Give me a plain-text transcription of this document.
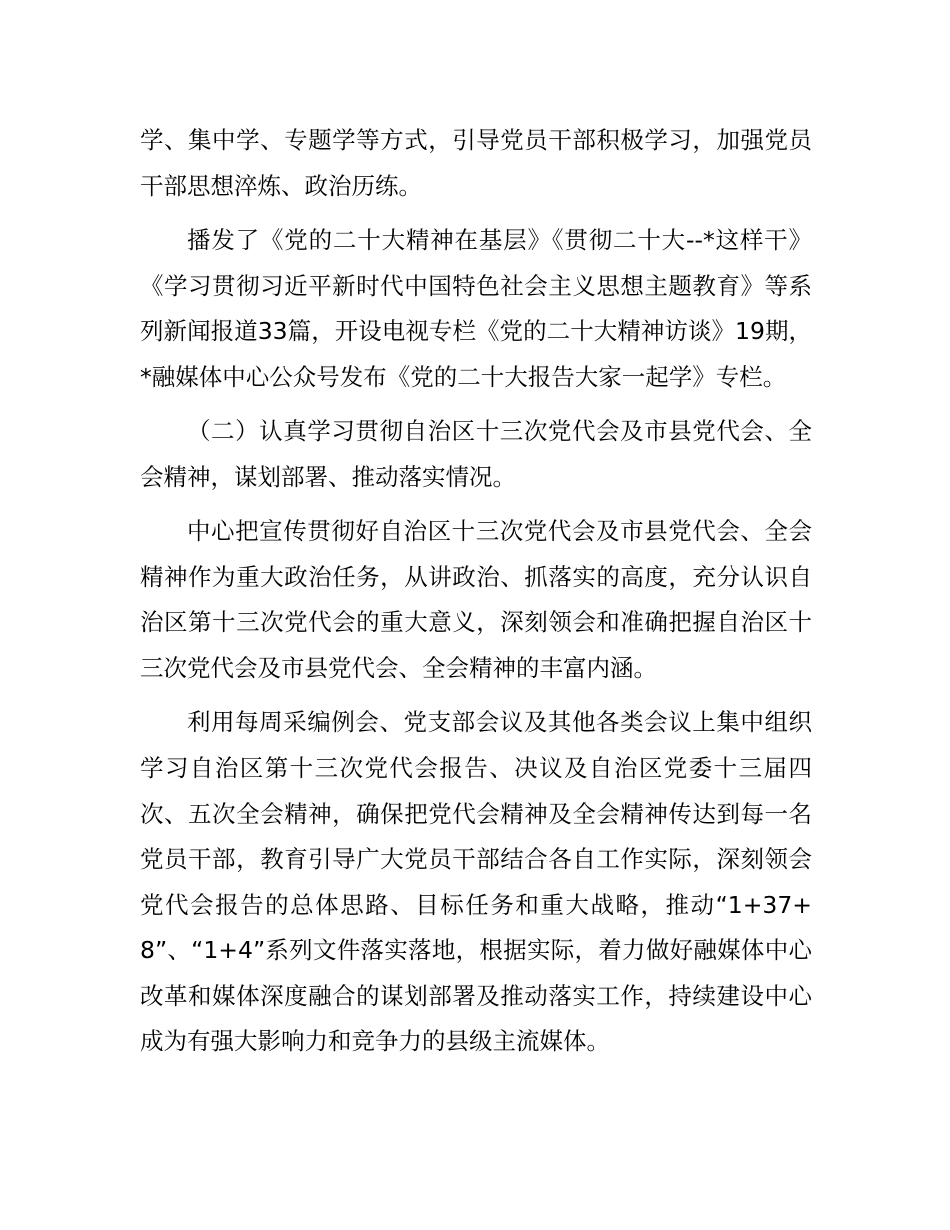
学、集中学、专题学等方式，引导党员干部积极学习，加强党员干部思想淬炼、政治历练。

播发了《党的二十大精神在基层》《贯彻二十大--*这样干》《学习贯彻习近平新时代中国特色社会主义思想主题教育》等系列新闻报道33篇，开设电视专栏《党的二十大精神访谈》19期，*融媒体中心公众号发布《党的二十大报告大家一起学》专栏。

（二）认真学习贯彻自治区十三次党代会及市县党代会、全会精神，谋划部署、推动落实情况。

中心把宣传贯彻好自治区十三次党代会及市县党代会、全会精神作为重大政治任务，从讲政治、抓落实的高度，充分认识自治区第十三次党代会的重大意义，深刻领会和准确把握自治区十三次党代会及市县党代会、全会精神的丰富内涵。

利用每周采编例会、党支部会议及其他各类会议上集中组织学习自治区第十三次党代会报告、决议及自治区党委十三届四次、五次全会精神，确保把党代会精神及全会精神传达到每一名党员干部，教育引导广大党员干部结合各自工作实际，深刻领会党代会报告的总体思路、目标任务和重大战略，推动“1+37+8”、“1+4”系列文件落实落地，根据实际，着力做好融媒体中心改革和媒体深度融合的谋划部署及推动落实工作，持续建设中心成为有强大影响力和竞争力的县级主流媒体。
